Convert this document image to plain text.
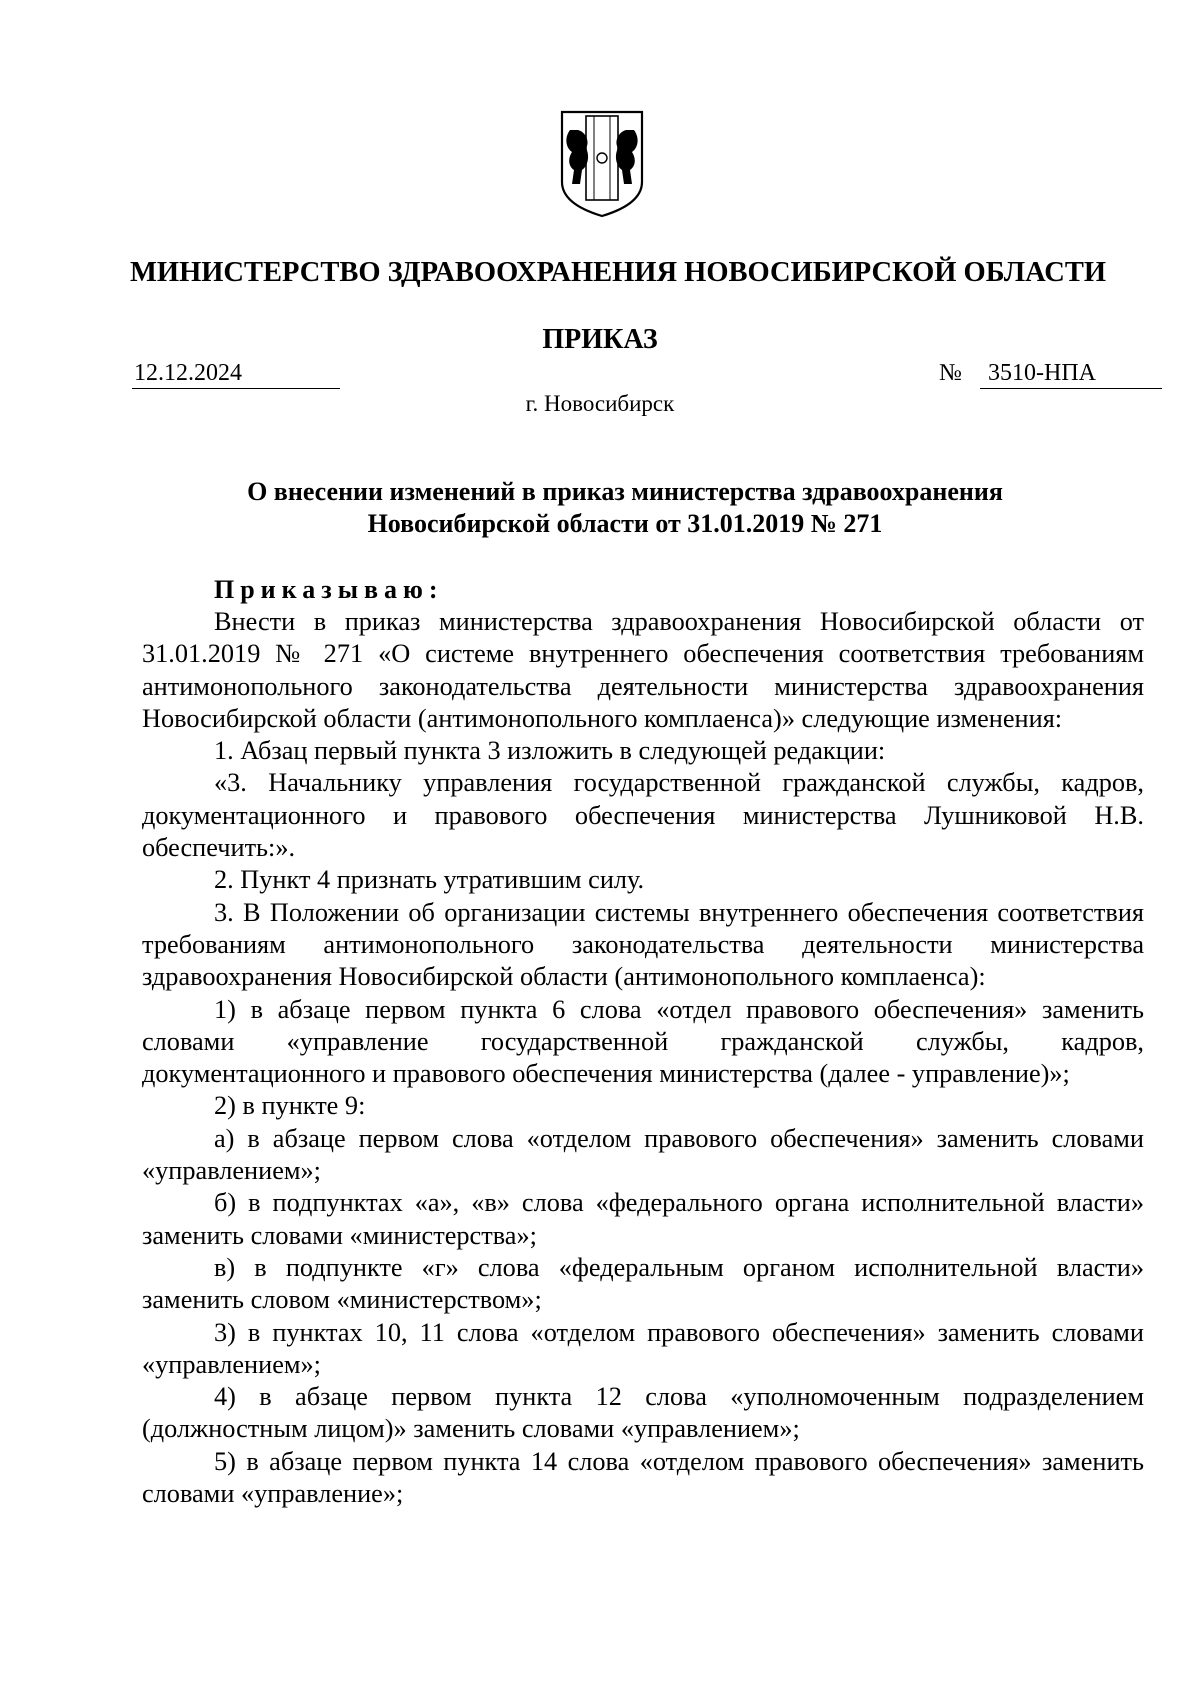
МИНИСТЕРСТВО ЗДРАВООХРАНЕНИЯ НОВОСИБИРСКОЙ ОБЛАСТИ
ПРИКАЗ
12.12.2024	№	3510-НПА
г. Новосибирск
О внесении изменений в приказ министерства здравоохранения Новосибирской области от 31.01.2019 № 271
Приказываю:

Внести в приказ министерства здравоохранения Новосибирской области от 31.01.2019 № 271 «О системе внутреннего обеспечения соответствия требованиям антимонопольного законодательства деятельности министерства здравоохранения Новосибирской области (антимонопольного комплаенса)» следующие изменения:

1. Абзац первый пункта 3 изложить в следующей редакции:

«3. Начальнику управления государственной гражданской службы, кадров, документационного и правового обеспечения министерства Лушниковой Н.В. обеспечить:».

2. Пункт 4 признать утратившим силу.

3. В Положении об организации системы внутреннего обеспечения соответствия требованиям антимонопольного законодательства деятельности министерства здравоохранения Новосибирской области (антимонопольного комплаенса):

1) в абзаце первом пункта 6 слова «отдел правового обеспечения» заменить словами «управление государственной гражданской службы, кадров, документационного и правового обеспечения министерства (далее - управление)»;

2) в пункте 9:

а) в абзаце первом слова «отделом правового обеспечения» заменить словами «управлением»;

б) в подпунктах «а», «в» слова «федерального органа исполнительной власти» заменить словами «министерства»;

в) в подпункте «г» слова «федеральным органом исполнительной власти» заменить словом «министерством»;

3) в пунктах 10, 11 слова «отделом правового обеспечения» заменить словами «управлением»;

4) в абзаце первом пункта 12 слова «уполномоченным подразделением (должностным лицом)» заменить словами «управлением»;

5) в абзаце первом пункта 14 слова «отделом правового обеспечения» заменить словами «управление»;
